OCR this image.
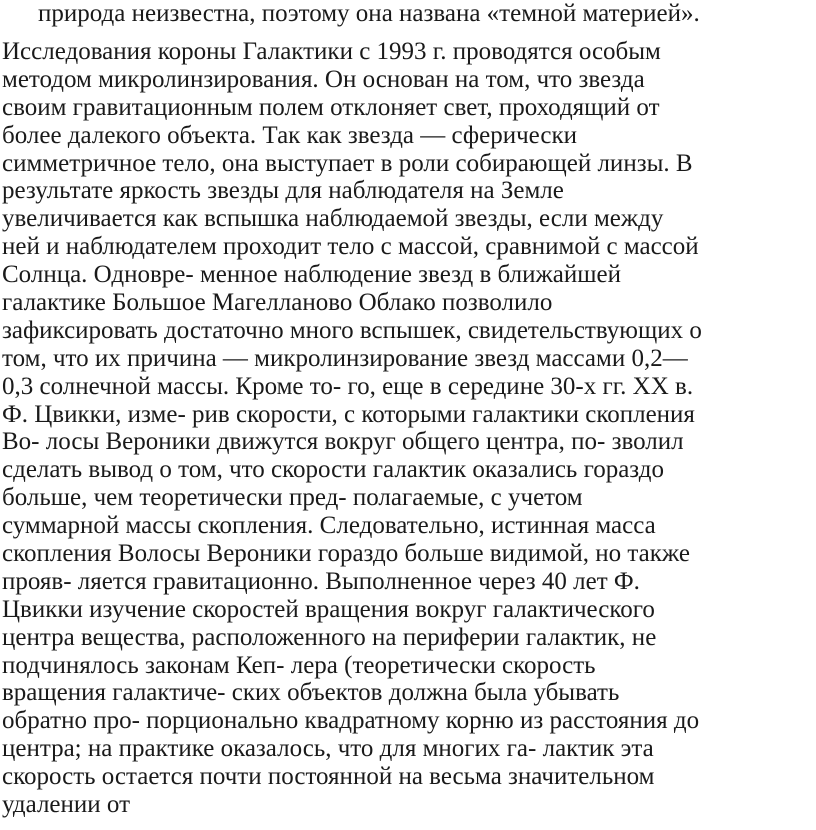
природа неизвестна, поэтому она названа «темной материей».
Исследования короны Галактики с 1993 г. проводятся особым
методом микролинзирования. Он основан на том, что звезда
своим гравитационным полем отклоняет свет, проходящий от
более далекого объекта. Так как звезда — сферически
симметричное тело, она выступает в роли собирающей линзы. В
результате яркость звезды для наблюдателя на Земле
увеличивается как вспышка наблюдаемой звезды, если между
ней и наблюдателем проходит тело с массой, сравнимой с массой
Солнца. Одновре- менное наблюдение звезд в ближайшей
галактике Большое Магелланово Облако позволило
зафиксировать достаточно много вспышек, свидетельствующих о
том, что их причина — микролинзирование звезд массами 0,2—
0,3 солнечной массы. Кроме то- го, еще в середине 30-х гг. XX в.
Ф. Цвикки, изме- рив скорости, с которыми галактики скопления
Во- лосы Вероники движутся вокруг общего центра, по- зволил
сделать вывод о том, что скорости галактик оказались гораздо
больше, чем теоретически пред- полагаемые, с учетом
суммарной массы скопления. Следовательно, истинная масса
скопления Волосы Вероники гораздо больше видимой, но также
прояв- ляется гравитационно. Выполненное через 40 лет Ф.
Цвикки изучение скоростей вращения вокруг галактического
центра вещества, расположенного на периферии галактик, не
подчинялось законам Кеп- лера (теоретически скорость
вращения галактиче- ских объектов должна была убывать
обратно про- порционально квадратному корню из расстояния до
центра; на практике оказалось, что для многих га- лактик эта
скорость остается почти постоянной на весьма значительном
удалении от
